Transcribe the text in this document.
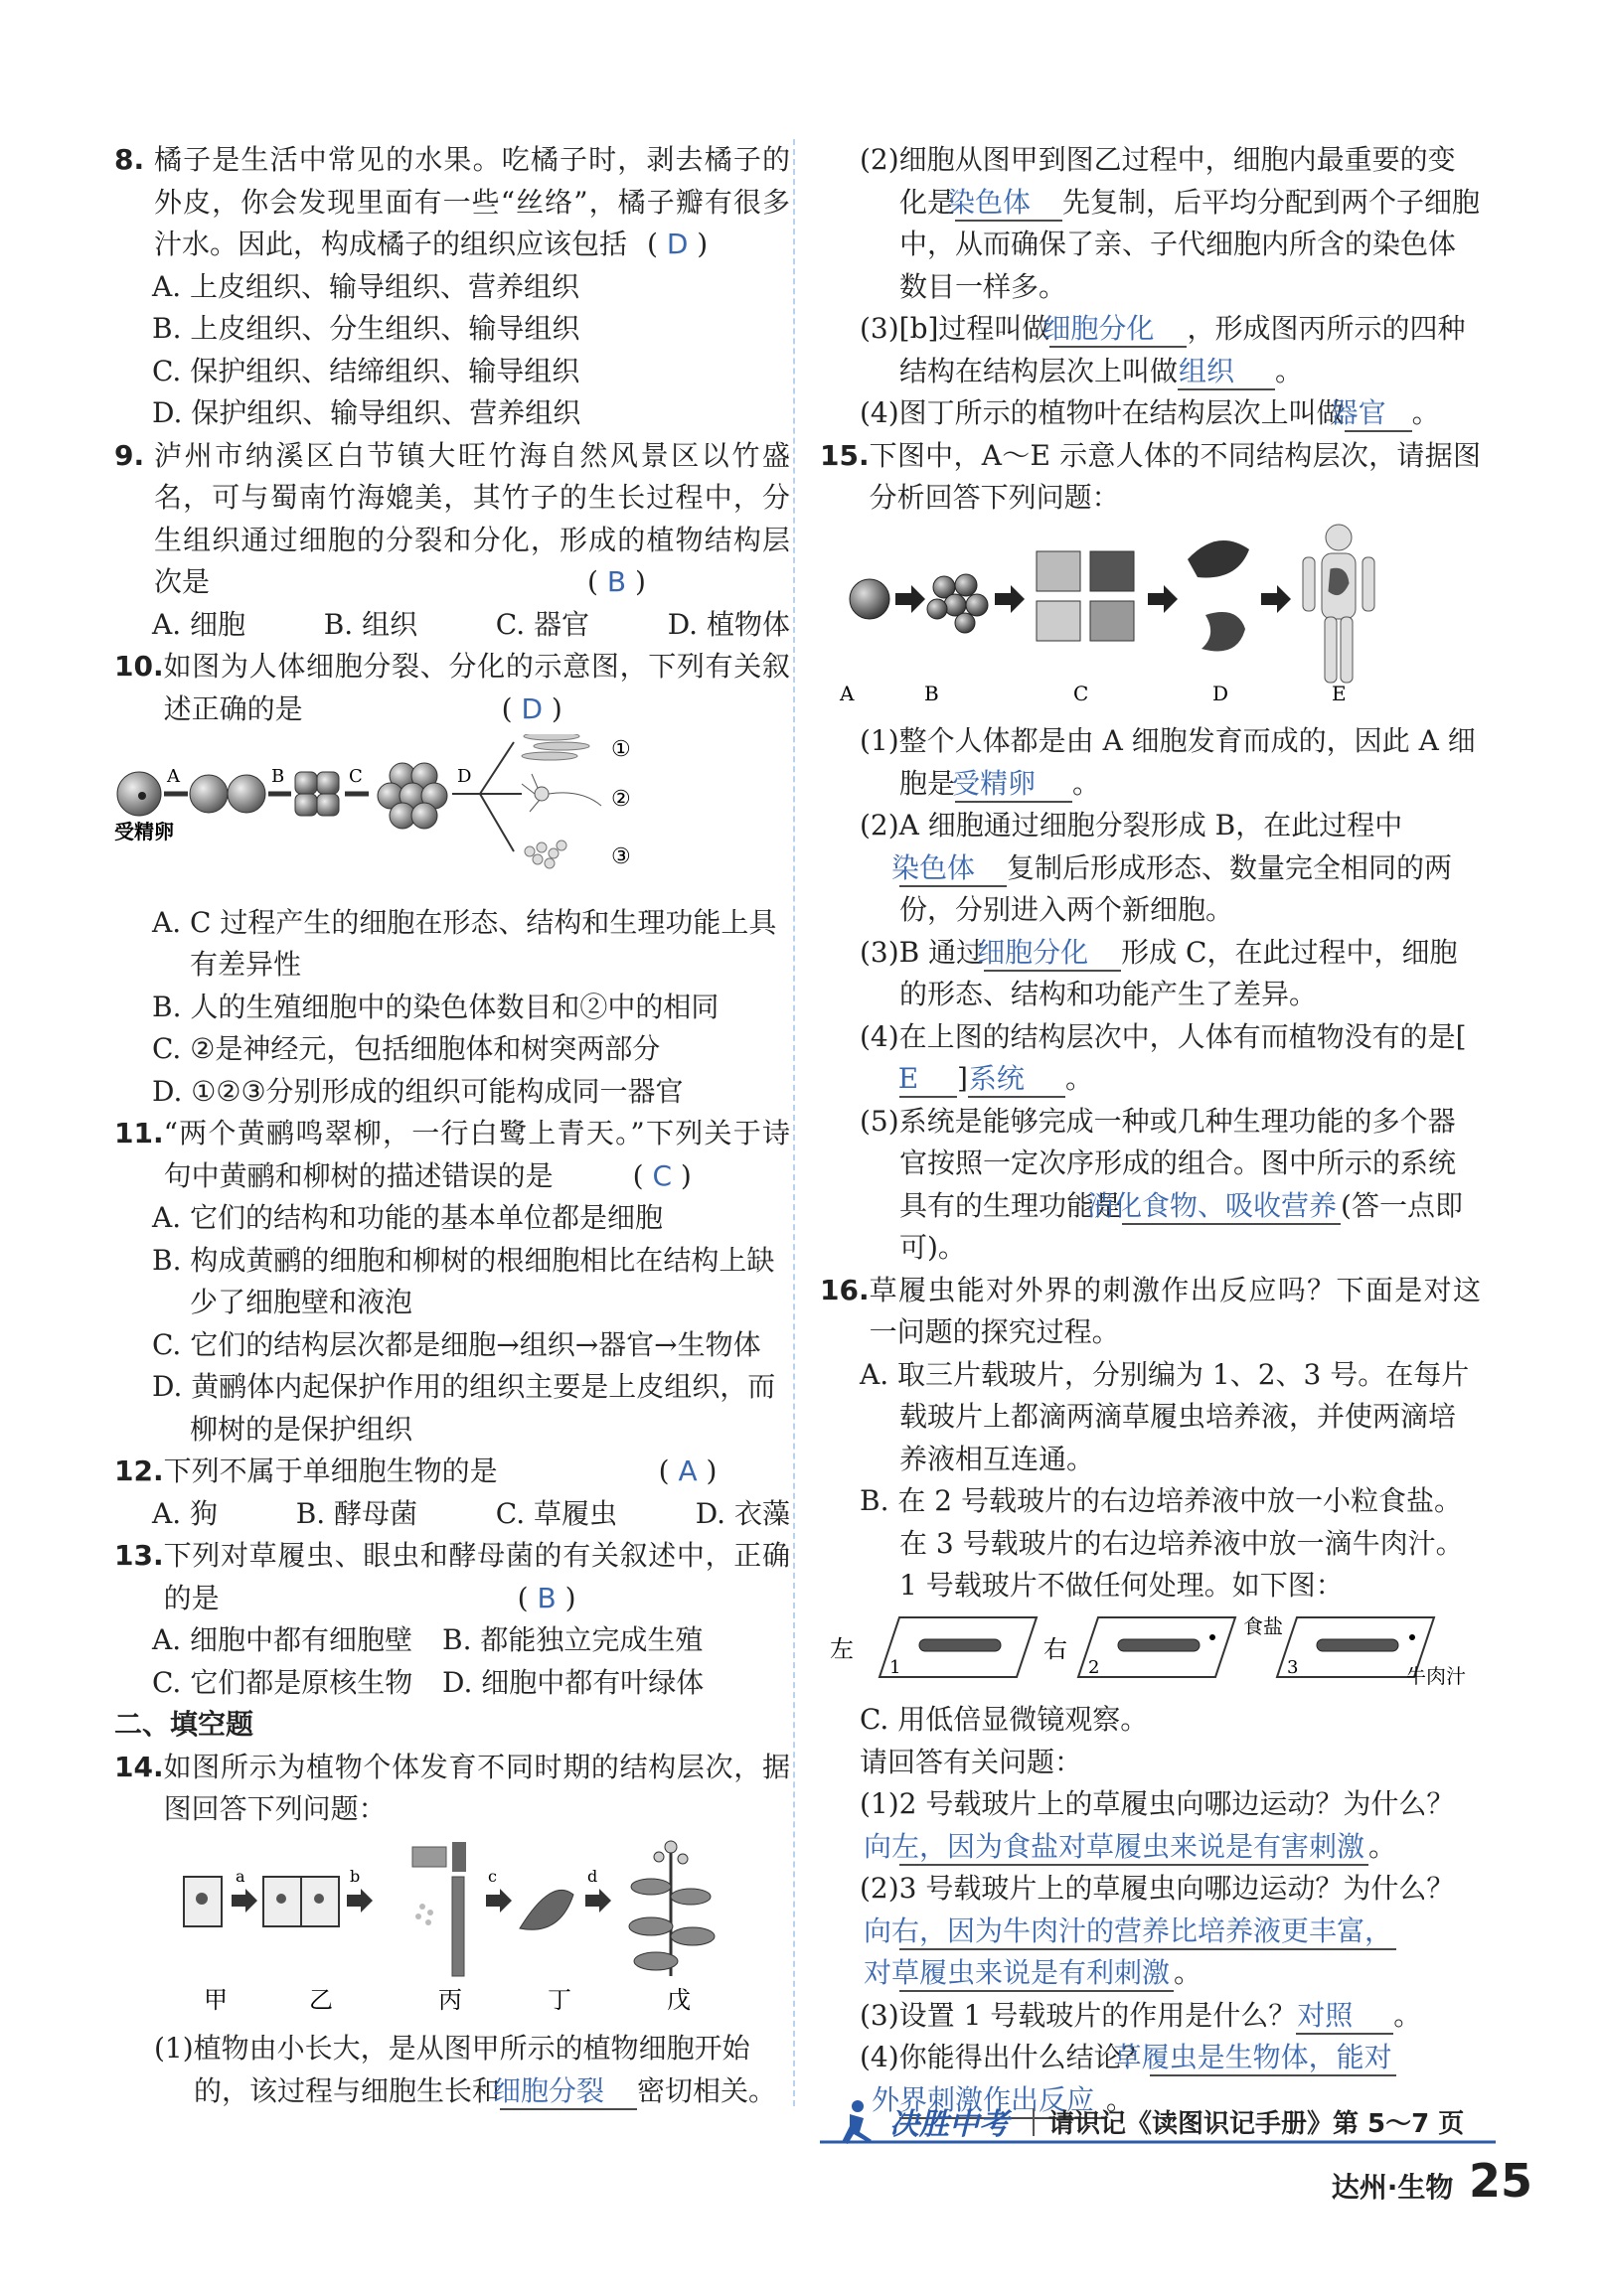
8. 橘子是生活中常见的水果。吃橘子时，剥去橘子的外皮，你会发现里面有一些“丝络”，橘子瓣有很多汁水。因此，构成橘子的组织应该包括 ( D )
A. 上皮组织、输导组织、营养组织
B. 上皮组织、分生组织、输导组织
C. 保护组织、结缔组织、输导组织
D. 保护组织、输导组织、营养组织
9. 泸州市纳溪区白节镇大旺竹海自然风景区以竹盛名，可与蜀南竹海媲美，其竹子的生长过程中，分生组织通过细胞的分裂和分化，形成的植物结构层次是	( B )
A. 细胞	B. 组织	C. 器官	D. 植物体
10. 如图为人体细胞分裂、分化的示意图，下列有关叙述正确的是	( D )
受精卵
A	B	C	D
①
②
③
A. C 过程产生的细胞在形态、结构和生理功能上具有差异性
B. 人的生殖细胞中的染色体数目和②中的相同
C. ②是神经元，包括细胞体和树突两部分
D. ①②③分别形成的组织可能构成同一器官
11. “两个黄鹂鸣翠柳，一行白鹭上青天。”下列关于诗句中黄鹂和柳树的描述错误的是	( C )
A. 它们的结构和功能的基本单位都是细胞
B. 构成黄鹂的细胞和柳树的根细胞相比在结构上缺少了细胞壁和液泡
C. 它们的结构层次都是细胞→组织→器官→生物体
D. 黄鹂体内起保护作用的组织主要是上皮组织，而柳树的是保护组织
12. 下列不属于单细胞生物的是	( A )
A. 狗	B. 酵母菌	C. 草履虫	D. 衣藻
13. 下列对草履虫、眼虫和酵母菌的有关叙述中，正确的是	( B )
A. 细胞中都有细胞壁	B. 都能独立完成生殖
C. 它们都是原核生物	D. 细胞中都有叶绿体
二、填空题
14. 如图所示为植物个体发育不同时期的结构层次，据图回答下列问题：
a	b	c	d
甲	乙	丙	丁	戊
(1)植物由小长大，是从图甲所示的植物细胞开始的，该过程与细胞生长和细胞分裂 密切相关。
(2)细胞从图甲到图乙过程中，细胞内最重要的变化是染色体 先复制，后平均分配到两个子细胞中，从而确保了亲、子代细胞内所含的染色体数目一样多。
(3)[b]过程叫做细胞分化 ，形成图丙所示的四种结构在结构层次上叫做组织 。
(4)图丁所示的植物叶在结构层次上叫做器官 。
15. 下图中，A～E 示意人体的不同结构层次，请据图分析回答下列问题：
A	B	C	D	E
(1)整个人体都是由 A 细胞发育而成的，因此 A 细胞是受精卵 。
(2)A 细胞通过细胞分裂形成 B，在此过程中染色体 复制后形成形态、数量完全相同的两份，分别进入两个新细胞。
(3)B 通过细胞分化 形成 C，在此过程中，细胞的形态、结构和功能产生了差异。
(4)在上图的结构层次中，人体有而植物没有的是[E ]系统 。
(5)系统是能够完成一种或几种生理功能的多个器官按照一定次序形成的组合。图中所示的系统具有的生理功能是消化食物、吸收营养 (答一点即可)。
16. 草履虫能对外界的刺激作出反应吗？下面是对这一问题的探究过程。
A. 取三片载玻片，分别编为 1、2、3 号。在每片载玻片上都滴两滴草履虫培养液，并使两滴培养液相互连通。
B. 在 2 号载玻片的右边培养液中放一小粒食盐。在 3 号载玻片的右边培养液中放一滴牛肉汁。1 号载玻片不做任何处理。如下图：
左
1
右
2
食盐
3	牛肉汁
C. 用低倍显微镜观察。
请回答有关问题：
(1)2 号载玻片上的草履虫向哪边运动？为什么？
向左，因为食盐对草履虫来说是有害刺激 。
(2)3 号载玻片上的草履虫向哪边运动？为什么？
向右，因为牛肉汁的营养比培养液更丰富，
对草履虫来说是有利刺激 。
(3)设置 1 号载玻片的作用是什么？对照 。
(4)你能得出什么结论？草履虫是生物体，能对
外界刺激作出反应 。
决胜中考 请识记《读图识记手册》第 5～7 页
达州·生物 25
